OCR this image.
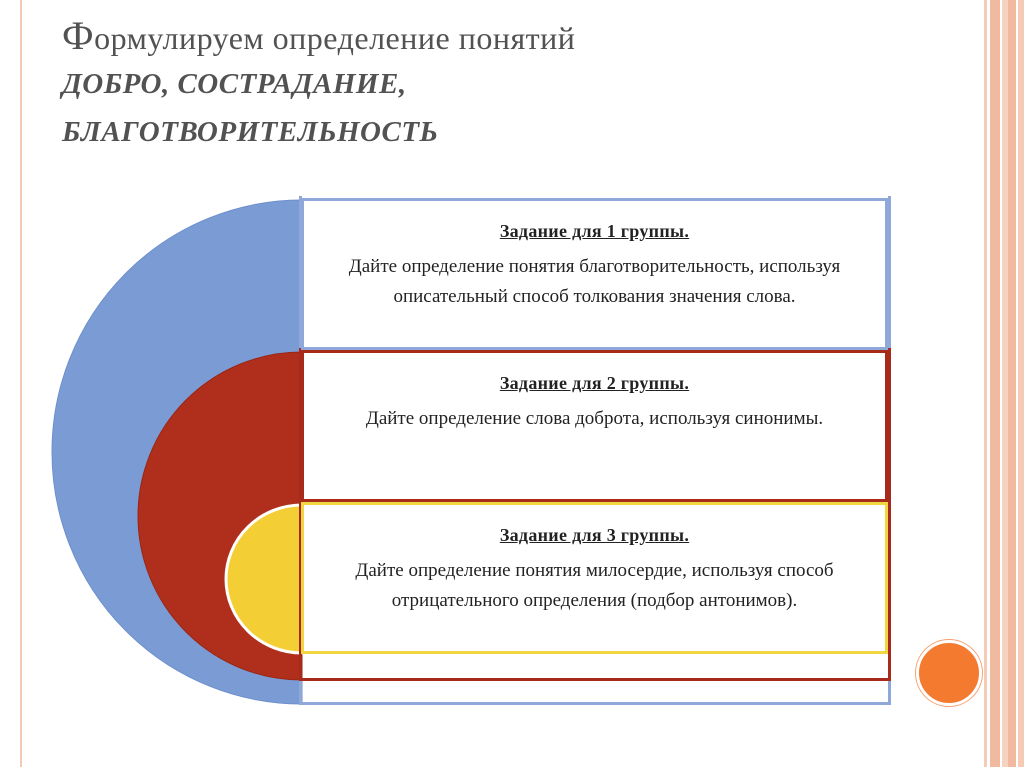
Формулируем определение понятий
ДОБРО, СОСТРАДАНИЕ,
БЛАГОТВОРИТЕЛЬНОСТЬ
Задание для 1 группы.
Дайте определение понятия благотворительность, используя описательный способ толкования значения слова.
Задание для 2 группы.
Дайте определение слова доброта, используя синонимы.
Задание для 3 группы.
Дайте определение понятия милосердие, используя способ отрицательного определения (подбор антонимов).
